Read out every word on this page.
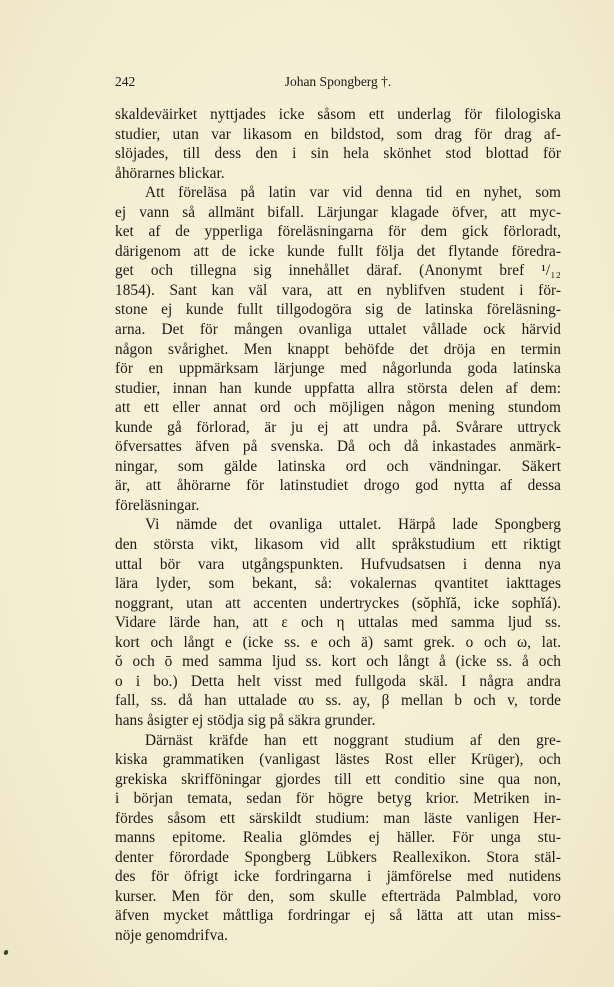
242	Johan Spongberg †.
skaldeväirket nyttjades icke såsom ett underlag för filologiska
studier, utan var likasom en bildstod, som drag för drag af-
slöjades, till dess den i sin hela skönhet stod blottad för
åhörarnes blickar.
Att föreläsa på latin var vid denna tid en nyhet, som
ej vann så allmänt bifall. Lärjungar klagade öfver, att myc-
ket af de ypperliga föreläsningarna för dem gick förloradt,
därigenom att de icke kunde fullt följa det flytande föredra-
get och tillegna sig innehållet däraf. (Anonymt bref ¹/₁₂
1854). Sant kan väl vara, att en nyblifven student i för-
stone ej kunde fullt tillgodogöra sig de latinska föreläsning-
arna. Det för mången ovanliga uttalet vållade ock härvid
någon svårighet. Men knappt behöfde det dröja en termin
för en uppmärksam lärjunge med någorlunda goda latinska
studier, innan han kunde uppfatta allra största delen af dem:
att ett eller annat ord och möjligen någon mening stundom
kunde gå förlorad, är ju ej att undra på. Svårare uttryck
öfversattes äfven på svenska. Då och då inkastades anmärk-
ningar, som gälde latinska ord och vändningar. Säkert
är, att åhörarne för latinstudiet drogo god nytta af dessa
föreläsningar.
Vi nämde det ovanliga uttalet. Härpå lade Spongberg
den största vikt, likasom vid allt språkstudium ett riktigt
uttal bör vara utgångspunkten. Hufvudsatsen i denna nya
lära lyder, som bekant, så: vokalernas qvantitet iakttages
noggrant, utan att accenten undertryckes (sŏphĭă, icke sophĭá).
Vidare lärde han, att ε och η uttalas med samma ljud ss.
kort och långt e (icke ss. e och ä) samt grek. ο och ω, lat.
ŏ och ō med samma ljud ss. kort och långt å (icke ss. å och
o i bo.) Detta helt visst med fullgoda skäl. I några andra
fall, ss. då han uttalade αυ ss. ay, β mellan b och v, torde
hans åsigter ej stödja sig på säkra grunder.
Därnäst kräfde han ett noggrant studium af den gre-
kiska grammatiken (vanligast lästes Rost eller Krüger), och
grekiska skrifföningar gjordes till ett conditio sine qua non,
i början temata, sedan för högre betyg krior. Metriken in-
fördes såsom ett särskildt studium: man läste vanligen Her-
manns epitome. Realia glömdes ej häller. För unga stu-
denter förordade Spongberg Lübkers Reallexikon. Stora stäl-
des för öfrigt icke fordringarna i jämförelse med nutidens
kurser. Men för den, som skulle efterträda Palmblad, voro
äfven mycket måttliga fordringar ej så lätta att utan miss-
nöje genomdrifva.
